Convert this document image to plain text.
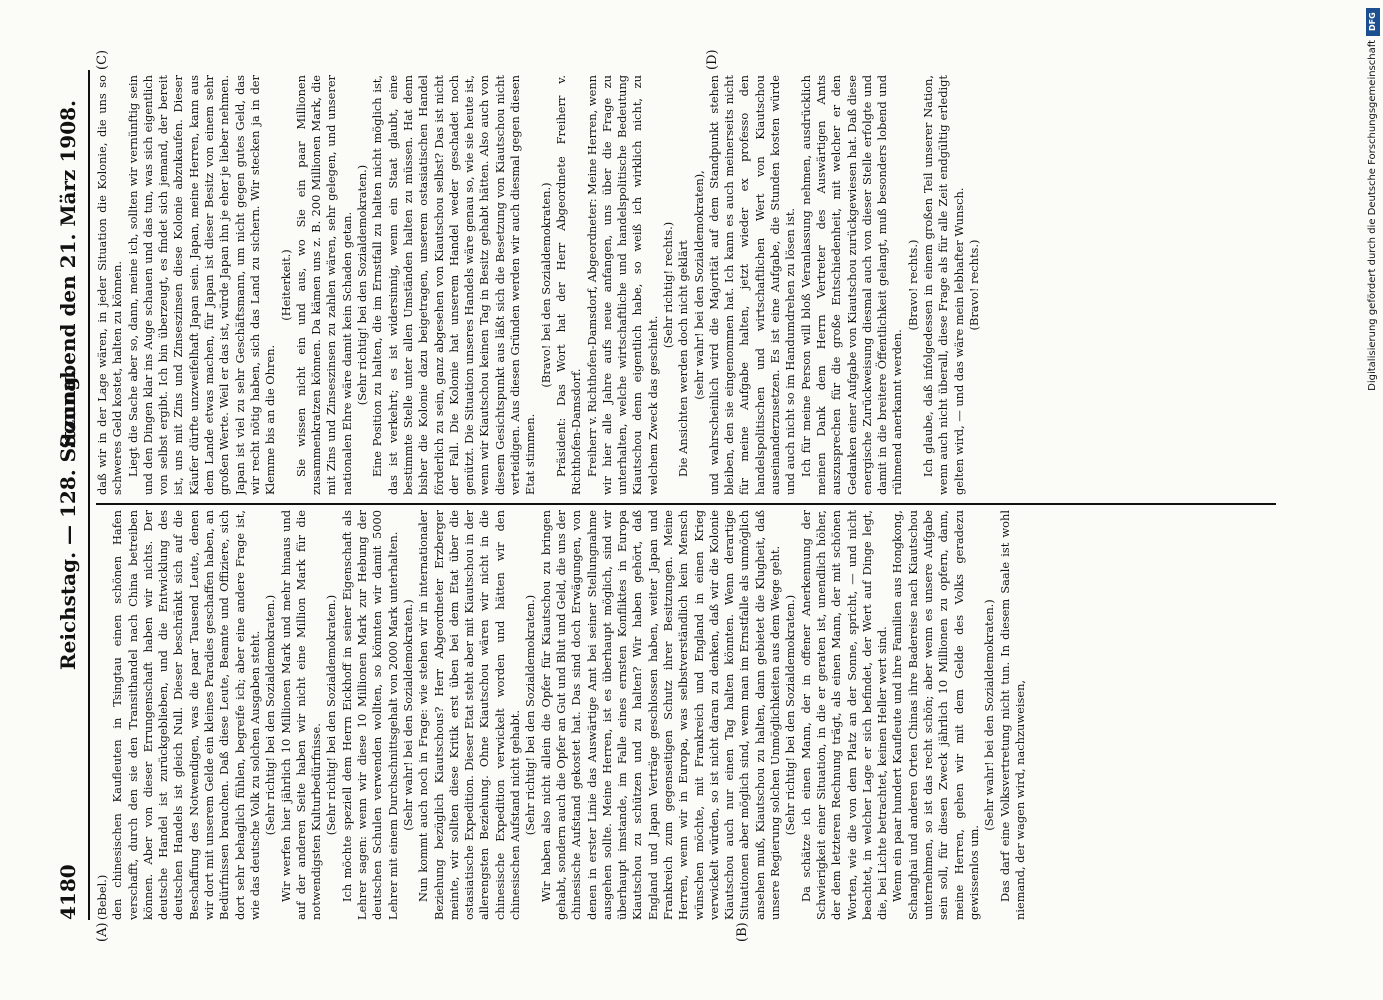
4180
Reichstag. — 128. Sitzung.
Sonnabend den 21. März 1908.
(A)	(B)
(C)	(D)

(Bebel.) den chinesischen Kaufleuten in Tsingtau einen schönen Hafen verschafft, durch den sie den Transithandel nach China betreiben können. Aber von dieser Errungenschaft haben wir nichts. Der deutsche Handel ist zurückgeblieben, und die Entwicklung des deutschen Handels ist gleich Null. Dieser beschränkt sich auf die Beschaffung des Notwendigen, was die paar Tausend Leute, denen wir dort mit unserem Gelde ein kleines Paradies geschaffen haben, an Bedürfnissen brauchen. Daß diese Leute, Beamte und Offiziere, sich dort sehr behaglich fühlen, begreife ich; aber eine andere Frage ist, wie das deutsche Volk zu solchen Ausgaben steht. (Sehr richtig! bei den Sozialdemokraten.) Wir werfen hier jährlich 10 Millionen Mark und mehr hinaus und auf der anderen Seite haben wir nicht eine Million Mark für die notwendigsten Kulturbedürfnisse. (Sehr richtig! bei den Sozialdemokraten.) Ich möchte speziell dem Herrn Eickhoff in seiner Eigenschaft als Lehrer sagen: wenn wir diese 10 Millionen Mark zur Hebung der deutschen Schulen verwenden wollten, so könnten wir damit 5000 Lehrer mit einem Durchschnittsgehalt von 2000 Mark unterhalten. (Sehr wahr! bei den Sozialdemokraten.) Nun kommt auch noch in Frage: wie stehen wir in internationaler Beziehung bezüglich Kiautschous? Herr Abgeordneter Erzberger meinte, wir sollten diese Kritik erst üben bei dem Etat über die ostasiatische Expedition. Dieser Etat steht aber mit Kiautschou in der allerengsten Beziehung. Ohne Kiautschou wären wir nicht in die chinesische Expedition verwickelt worden und hätten wir den chinesischen Aufstand nicht gehabt. (Sehr richtig! bei den Sozialdemokraten.) Wir haben also nicht allein die Opfer für Kiautschou zu bringen gehabt, sondern auch die Opfer an Gut und Blut und Geld, die uns der chinesische Aufstand gekostet hat. Das sind doch Erwägungen, von denen in erster Linie das Auswärtige Amt bei seiner Stellungnahme ausgehen sollte. Meine Herren, ist es überhaupt möglich, sind wir überhaupt imstande, im Falle eines ernsten Konfliktes in Europa Kiautschou zu schützen und zu halten? Wir haben gehört, daß England und Japan Verträge geschlossen haben, weiter Japan und Frankreich zum gegenseitigen Schutz ihrer Besitzungen. Meine Herren, wenn wir in Europa, was selbstverständlich kein Mensch wünschen möchte, mit Frankreich und England in einen Krieg verwickelt würden, so ist nicht daran zu denken, daß wir die Kolonie Kiautschou auch nur einen Tag halten könnten. Wenn derartige Situationen aber möglich sind, wenn man im Ernstfalle als unmöglich ansehen muß, Kiautschou zu halten, dann gebietet die Klugheit, daß unsere Regierung solchen Unmöglichkeiten aus dem Wege geht. (Sehr richtig! bei den Sozialdemokraten.) Da schätze ich einen Mann, der in offener Anerkennung der Schwierigkeit einer Situation, in die er geraten ist, unendlich höher, der dem letzteren Rechnung trägt, als einen Mann, der mit schönen Worten, wie die von dem Platz an der Sonne, spricht, — und nicht beachtet, in welcher Lage er sich befindet, der Wert auf Dinge legt, die, bei Lichte betrachtet, keinen Heller wert sind. Wenn ein paar hundert Kaufleute und ihre Familien aus Hongkong, Schanghai und anderen Orten Chinas ihre Badereise nach Kiautschou unternehmen, so ist das recht schön; aber wenn es unsere Aufgabe sein soll, für diesen Zweck jährlich 10 Millionen zu opfern, dann, meine Herren, gehen wir mit dem Gelde des Volks geradezu gewissenlos um.

(Sehr wahr! bei den Sozialdemokraten.) Das darf eine Volksvertretung nicht tun. In diesem Saale ist wohl niemand, der wagen wird, nachzuweisen,

daß wir in der Lage wären, in jeder Situation die Kolonie, die uns so schweres Geld kostet, halten zu können. Liegt die Sache aber so, dann, meine ich, sollten wir vernünftig sein und den Dingen klar ins Auge schauen und das tun, was sich eigentlich von selbst ergibt. Ich bin überzeugt, es findet sich jemand, der bereit ist, uns mit Zins und Zinseszinsen diese Kolonie abzukaufen. Dieser Käufer dürfte unzweifelhaft Japan sein. Japan, meine Herren, kann aus dem Lande etwas machen, für Japan ist dieser Besitz von einem sehr großen Werte. Weil er das ist, würde Japan ihn je eher je lieber nehmen. Japan ist viel zu sehr Geschäftsmann, um nicht gegen gutes Geld, das wir recht nötig haben, sich das Land zu sichern. Wir stecken ja in der Klemme bis an die Ohren.

(Heiterkeit.) Sie wissen nicht ein und aus, wo Sie ein paar Millionen zusammenkratzen können. Da kämen uns z. B. 200 Millionen Mark, die mit Zins und Zinseszinsen zu zahlen wären, sehr gelegen, und unserer nationalen Ehre wäre damit kein Schaden getan. (Sehr richtig! bei den Sozialdemokraten.) Eine Position zu halten, die im Ernstfall zu halten nicht möglich ist, das ist verkehrt; es ist widersinnig, wenn ein Staat glaubt, eine bestimmte Stelle unter allen Umständen halten zu müssen. Hat denn bisher die Kolonie dazu beigetragen, unserem ostasiatischen Handel förderlich zu sein, ganz abgesehen von Kiautschou selbst? Das ist nicht der Fall. Die Kolonie hat unserem Handel weder geschadet noch genützt. Die Situation unseres Handels wäre genau so, wie sie heute ist, wenn wir Kiautschou keinen Tag in Besitz gehabt hätten. Also auch von diesem Gesichtspunkt aus läßt sich die Besetzung von Kiautschou nicht verteidigen. Aus diesen Gründen werden wir auch diesmal gegen diesen Etat stimmen.

(Bravo! bei den Sozialdemokraten.) Präsident: Das Wort hat der Herr Abgeordnete Freiherr v. Richthofen-Damsdorf. Freiherr v. Richthofen-Damsdorf, Abgeordneter: Meine Herren, wenn wir hier alle Jahre aufs neue anfangen, uns über die Frage zu unterhalten, welche wirtschaftliche und handelspolitische Bedeutung Kiautschou denn eigentlich habe, so weiß ich wirklich nicht, zu welchem Zweck das geschieht.

(Sehr richtig! rechts.) Die Ansichten werden doch nicht geklärt (sehr wahr! bei den Sozialdemokraten), und wahrscheinlich wird die Majorität auf dem Standpunkt stehen bleiben, den sie eingenommen hat. Ich kann es auch meinerseits nicht für meine Aufgabe halten, jetzt wieder ex professo den handelspolitischen und wirtschaftlichen Wert von Kiautschou auseinanderzusetzen. Es ist eine Aufgabe, die Stunden kosten würde und auch nicht so im Handumdrehen zu lösen ist. Ich für meine Person will bloß Veranlassung nehmen, ausdrücklich meinen Dank dem Herrn Vertreter des Auswärtigen Amts auszusprechen für die große Entschiedenheit, mit welcher er den Gedanken einer Aufgabe von Kiautschou zurückgewiesen hat. Daß diese energische Zurückweisung diesmal auch von dieser Stelle erfolgte und damit in die breitere Öffentlichkeit gelangt, muß besonders lobend und rühmend anerkannt werden.

(Bravo! rechts.) Ich glaube, daß infolgedessen in einem großen Teil unserer Nation, wenn auch nicht überall, diese Frage als für alle Zeit endgültig erledigt gelten wird, — und das wäre mein lebhafter Wunsch. (Bravo! rechts.)	Digitalisierung gefördert durch die Deutsche Forschungsgemeinschaft
DFG
